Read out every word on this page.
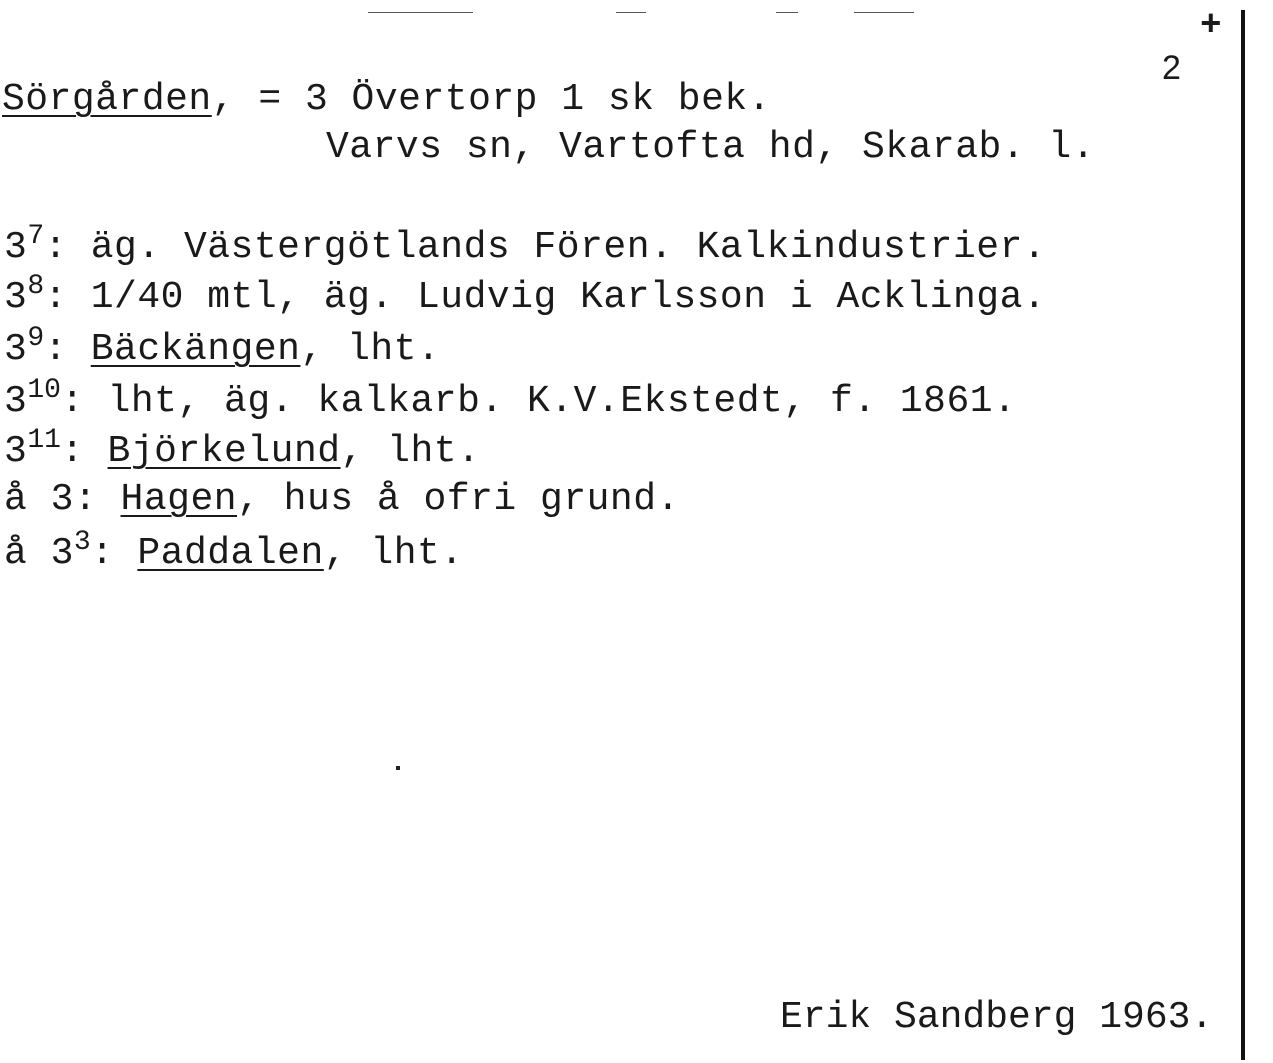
+
2
Sörgården, = 3 Övertorp 1 sk bek.
Varvs sn, Vartofta hd, Skarab. l.
$3^7$: äg. Västergötlands Fören. Kalkindustrier.
$3^8$: 1/40 mtl, äg. Ludvig Karlsson i Acklinga.
$3^9$: Bäckängen, lht.
$3^{10}$: lht, äg. kalkarb. K.V.Ekstedt, f. 1861.
$3^{11}$: Björkelund, lht.
å 3: Hagen, hus å ofri grund.
å $3^3$: Paddalen, lht.
Erik Sandberg 1963.
